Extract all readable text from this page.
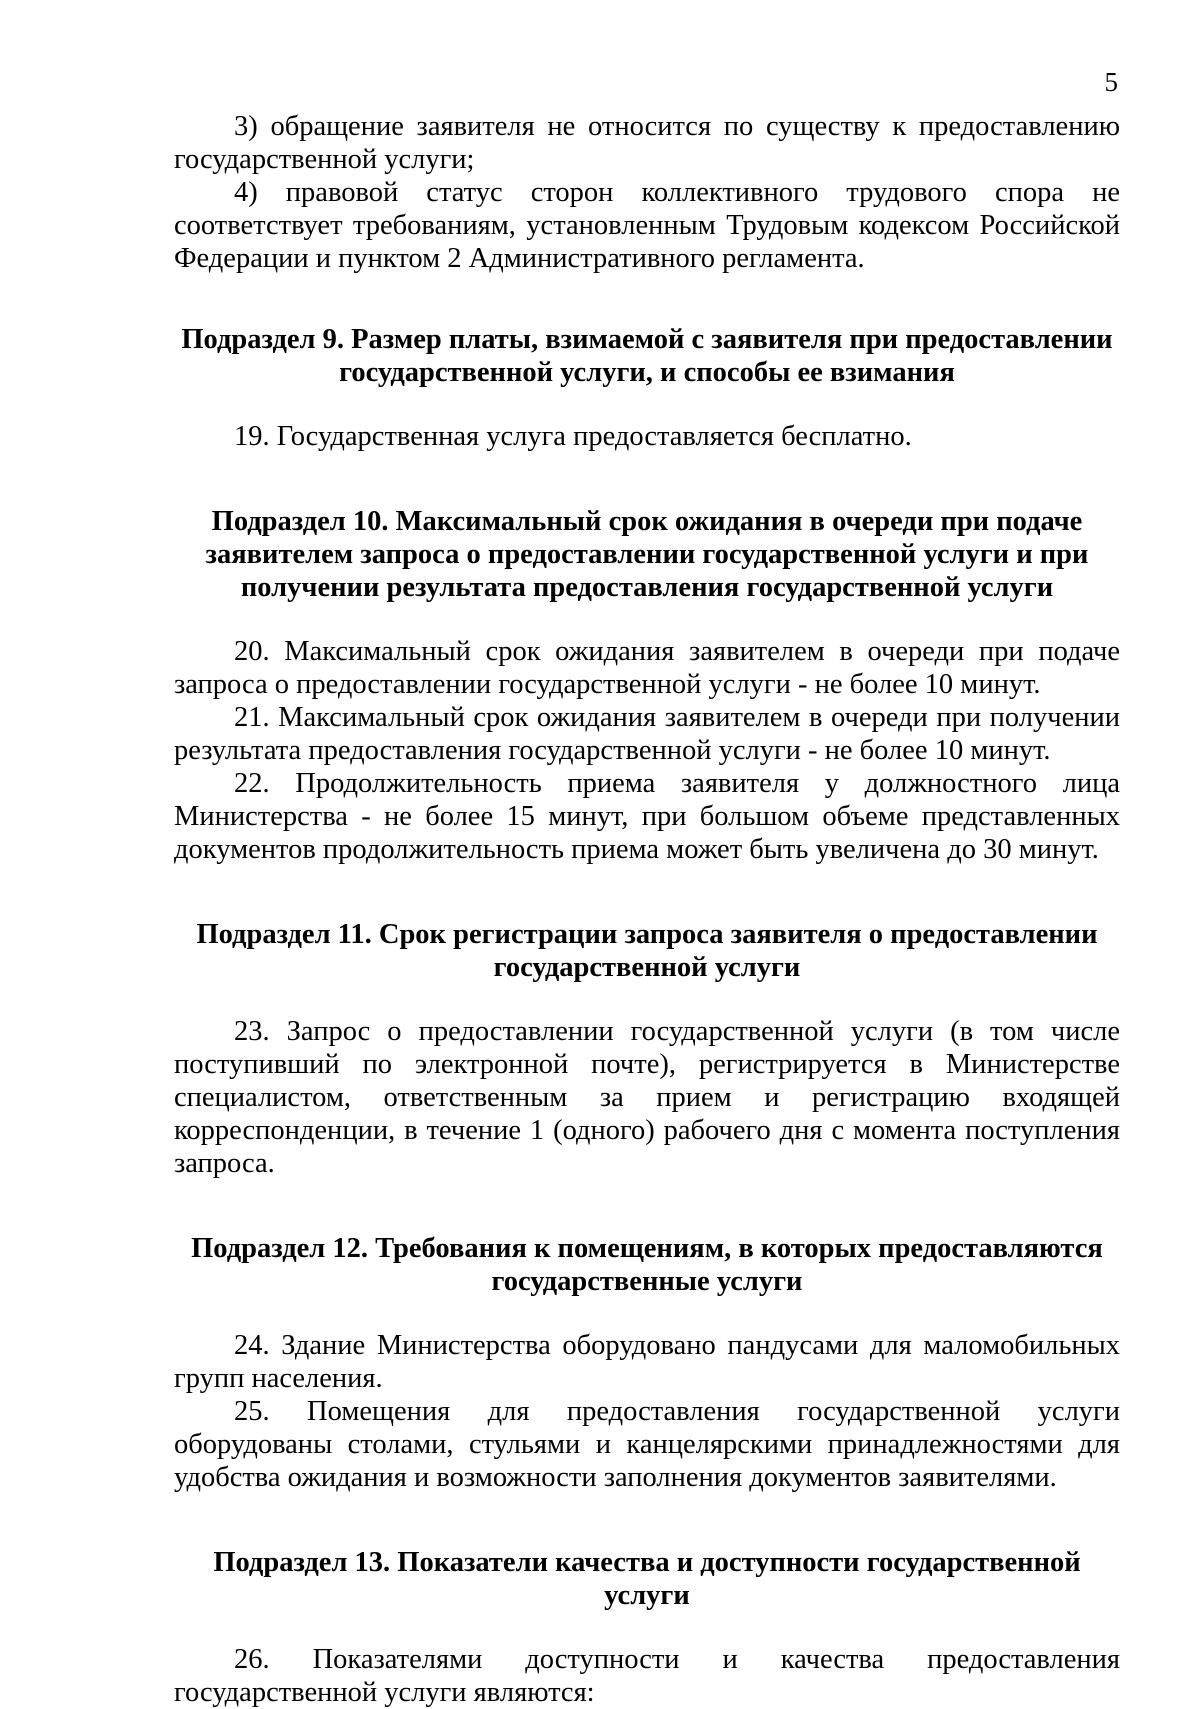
5

3) обращение заявителя не относится по существу к предоставлению государственной услуги;

4) правовой статус сторон коллективного трудового спора не соответствует требованиям, установленным Трудовым кодексом Российской Федерации и пунктом 2 Административного регламента.

Подраздел 9. Размер платы, взимаемой с заявителя при предоставлении государственной услуги, и способы ее взимания

19. Государственная услуга предоставляется бесплатно.

Подраздел 10. Максимальный срок ожидания в очереди при подаче заявителем запроса о предоставлении государственной услуги и при получении результата предоставления государственной услуги

20. Максимальный срок ожидания заявителем в очереди при подаче запроса о предоставлении государственной услуги - не более 10 минут.

21. Максимальный срок ожидания заявителем в очереди при получении результата предоставления государственной услуги - не более 10 минут.

22. Продолжительность приема заявителя у должностного лица Министерства - не более 15 минут, при большом объеме представленных документов продолжительность приема может быть увеличена до 30 минут.

Подраздел 11. Срок регистрации запроса заявителя о предоставлении государственной услуги

23. Запрос о предоставлении государственной услуги (в том числе поступивший по электронной почте), регистрируется в Министерстве специалистом, ответственным за прием и регистрацию входящей корреспонденции, в течение 1 (одного) рабочего дня с момента поступления запроса.

Подраздел 12. Требования к помещениям, в которых предоставляются государственные услуги

24. Здание Министерства оборудовано пандусами для маломобильных групп населения.

25. Помещения для предоставления государственной услуги оборудованы столами, стульями и канцелярскими принадлежностями для удобства ожидания и возможности заполнения документов заявителями.

Подраздел 13. Показатели качества и доступности государственной услуги

26. Показателями доступности и качества предоставления государственной услуги являются:
